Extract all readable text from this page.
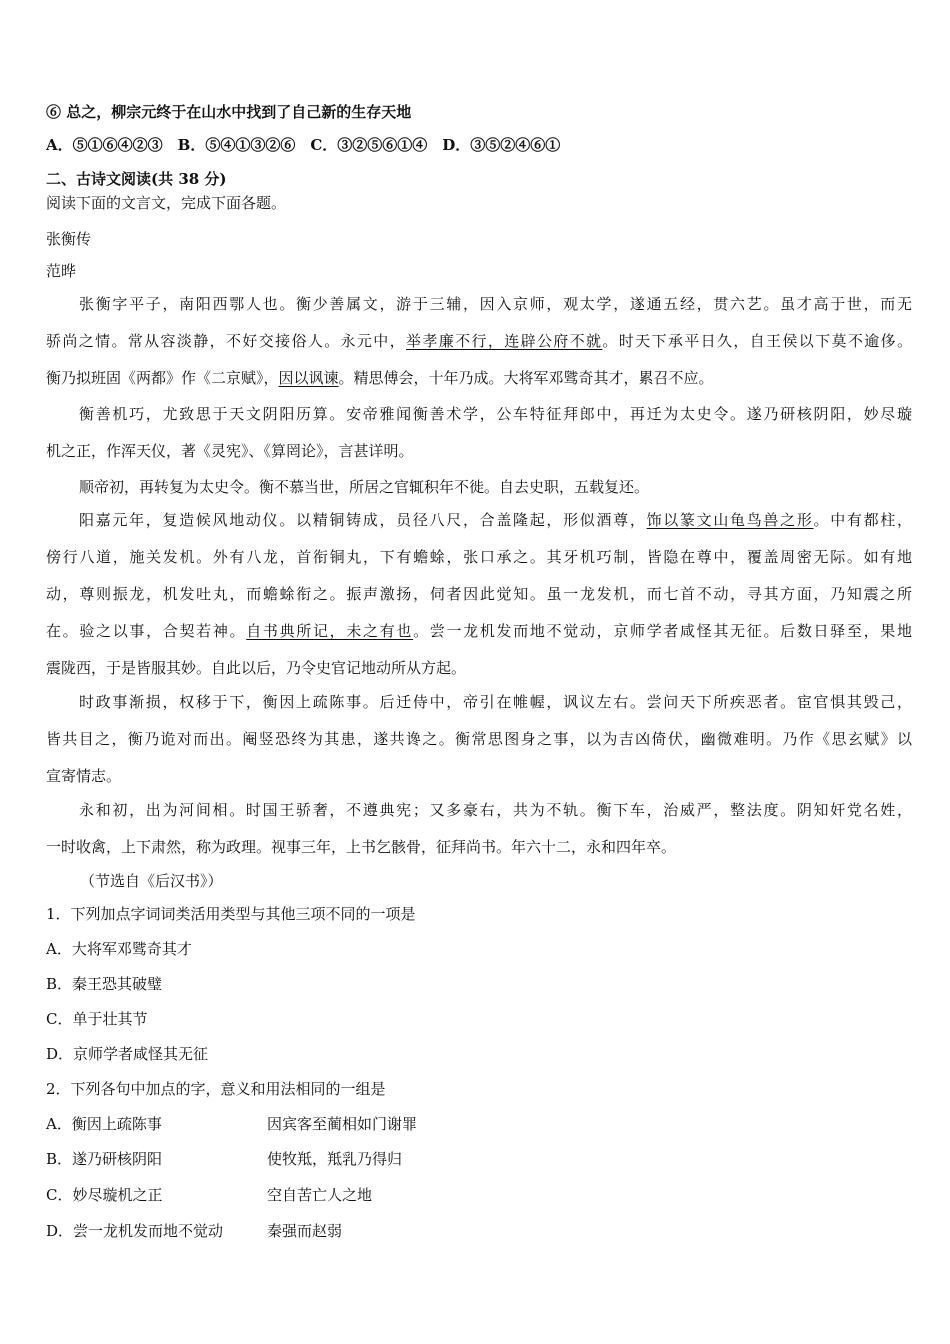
⑥ 总之，柳宗元终于在山水中找到了自己新的生存天地
A．⑤①⑥④②③　B．⑤④①③②⑥　C．③②⑤⑥①④　D．③⑤②④⑥①
二、古诗文阅读(共 38 分)
阅读下面的文言文，完成下面各题。
张衡传
范晔
张衡字平子，南阳西鄂人也。衡少善属文，游于三辅，因入京师，观太学，遂通五经，贯六艺。虽才高于世，而无
骄尚之情。常从容淡静，不好交接俗人。永元中，举孝廉不行，连辟公府不就。时天下承平日久，自王侯以下莫不逾侈。
衡乃拟班固《两都》作《二京赋》，因以讽谏。精思傅会，十年乃成。大将军邓骘奇其才，累召不应。
衡善机巧，尤致思于天文阴阳历算。安帝雅闻衡善术学，公车特征拜郎中，再迁为太史令。遂乃研核阴阳，妙尽璇
机之正，作浑天仪，著《灵宪》、《算罔论》，言甚详明。
顺帝初，再转复为太史令。衡不慕当世，所居之官辄积年不徙。自去史职，五载复还。
阳嘉元年，复造候风地动仪。以精铜铸成，员径八尺，合盖隆起，形似酒尊，饰以篆文山龟鸟兽之形。中有都柱，
傍行八道，施关发机。外有八龙，首衔铜丸，下有蟾蜍，张口承之。其牙机巧制，皆隐在尊中，覆盖周密无际。如有地
动，尊则振龙，机发吐丸，而蟾蜍衔之。振声激扬，伺者因此觉知。虽一龙发机，而七首不动，寻其方面，乃知震之所
在。验之以事，合契若神。自书典所记，未之有也。尝一龙机发而地不觉动，京师学者咸怪其无征。后数日驿至，果地
震陇西，于是皆服其妙。自此以后，乃令史官记地动所从方起。
时政事渐损，权移于下，衡因上疏陈事。后迁侍中，帝引在帷幄，讽议左右。尝问天下所疾恶者。宦官惧其毁己，
皆共目之，衡乃诡对而出。阉竖恐终为其患，遂共谗之。衡常思图身之事，以为吉凶倚伏，幽微难明。乃作《思玄赋》以
宣寄情志。
永和初，出为河间相。时国王骄奢，不遵典宪；又多豪右，共为不轨。衡下车，治威严，整法度。阴知奸党名姓，
一时收禽，上下肃然，称为政理。视事三年，上书乞骸骨，征拜尚书。年六十二，永和四年卒。
（节选自《后汉书》）
1．下列加点字词词类活用类型与其他三项不同的一项是
A．大将军邓骘奇其才
B．秦王恐其破璧
C．单于壮其节
D．京师学者咸怪其无征
2．下列各句中加点的字，意义和用法相同的一组是
A．衡因上疏陈事	因宾客至蔺相如门谢罪
B．遂乃研核阴阳	使牧羝，羝乳乃得归
C．妙尽璇机之正	空自苦亡人之地
D．尝一龙机发而地不觉动	秦强而赵弱
